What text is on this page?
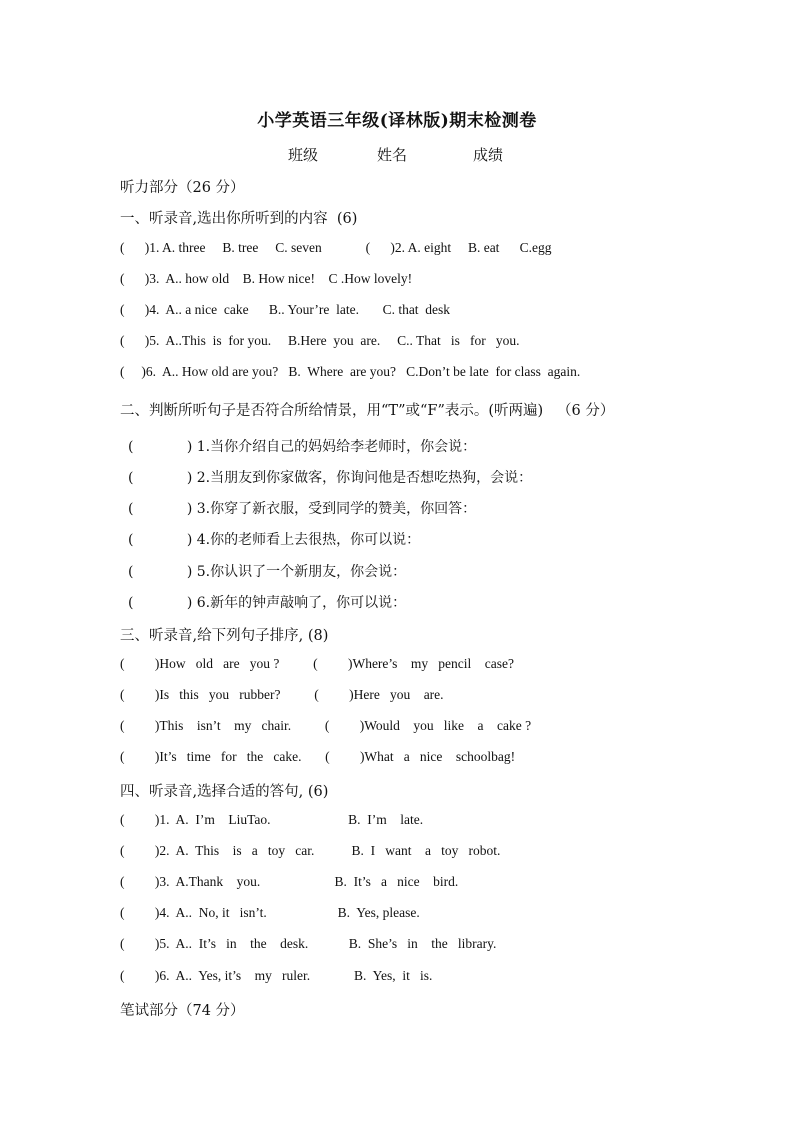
小学英语三年级(译林版)期末检测卷
班级	姓名	成绩
听力部分（26 分）
一、听录音,选出你所听到的内容  (6)
(      )1. A. three     B. tree     C. seven             (      )2. A. eight     B. eat      C.egg
(      )3.  A.. how old    B. How nice!    C .How lovely!
(      )4.  A.. a nice  cake      B.. Your’re  late.       C. that  desk
(      )5.  A..This  is  for you.     B.Here  you  are.     C.. That   is   for   you.
(     )6.  A.. How old are you?   B.  Where  are you?   C.Don’t be late  for class  again.
二、判断所听句子是否符合所给情景，用“T”或“F”表示。(听两遍)   （6 分）
(            ) 1.当你介绍自己的妈妈给李老师时，你会说：
(            ) 2.当朋友到你家做客，你询问他是否想吃热狗，会说：
(            ) 3.你穿了新衣服，受到同学的赞美，你回答：
(            ) 4.你的老师看上去很热，你可以说：
(            ) 5.你认识了一个新朋友，你会说：
(            ) 6.新年的钟声敲响了，你可以说：
三、听录音,给下列句子排序, (8)
(         )How   old   are   you ?          (         )Where’s    my   pencil    case?
(         )Is   this   you   rubber?          (         )Here   you    are.
(         )This    isn’t    my   chair.          (         )Would    you   like    a    cake ?
(         )It’s   time   for   the   cake.       (         )What   a   nice    schoolbag!
四、听录音,选择合适的答句, (6)
(         )1.  A.  I’m    LiuTao.                       B.  I’m    late.
(         )2.  A.  This    is   a   toy   car.           B.  I   want    a   toy   robot.
(         )3.  A.Thank    you.                      B.  It’s   a   nice    bird.
(         )4.  A..  No, it   isn’t.                     B.  Yes, please.
(         )5.  A..  It’s   in    the    desk.            B.  She’s   in    the   library.
(         )6.  A..  Yes, it’s    my   ruler.             B.  Yes,  it   is.
笔试部分（74 分）
